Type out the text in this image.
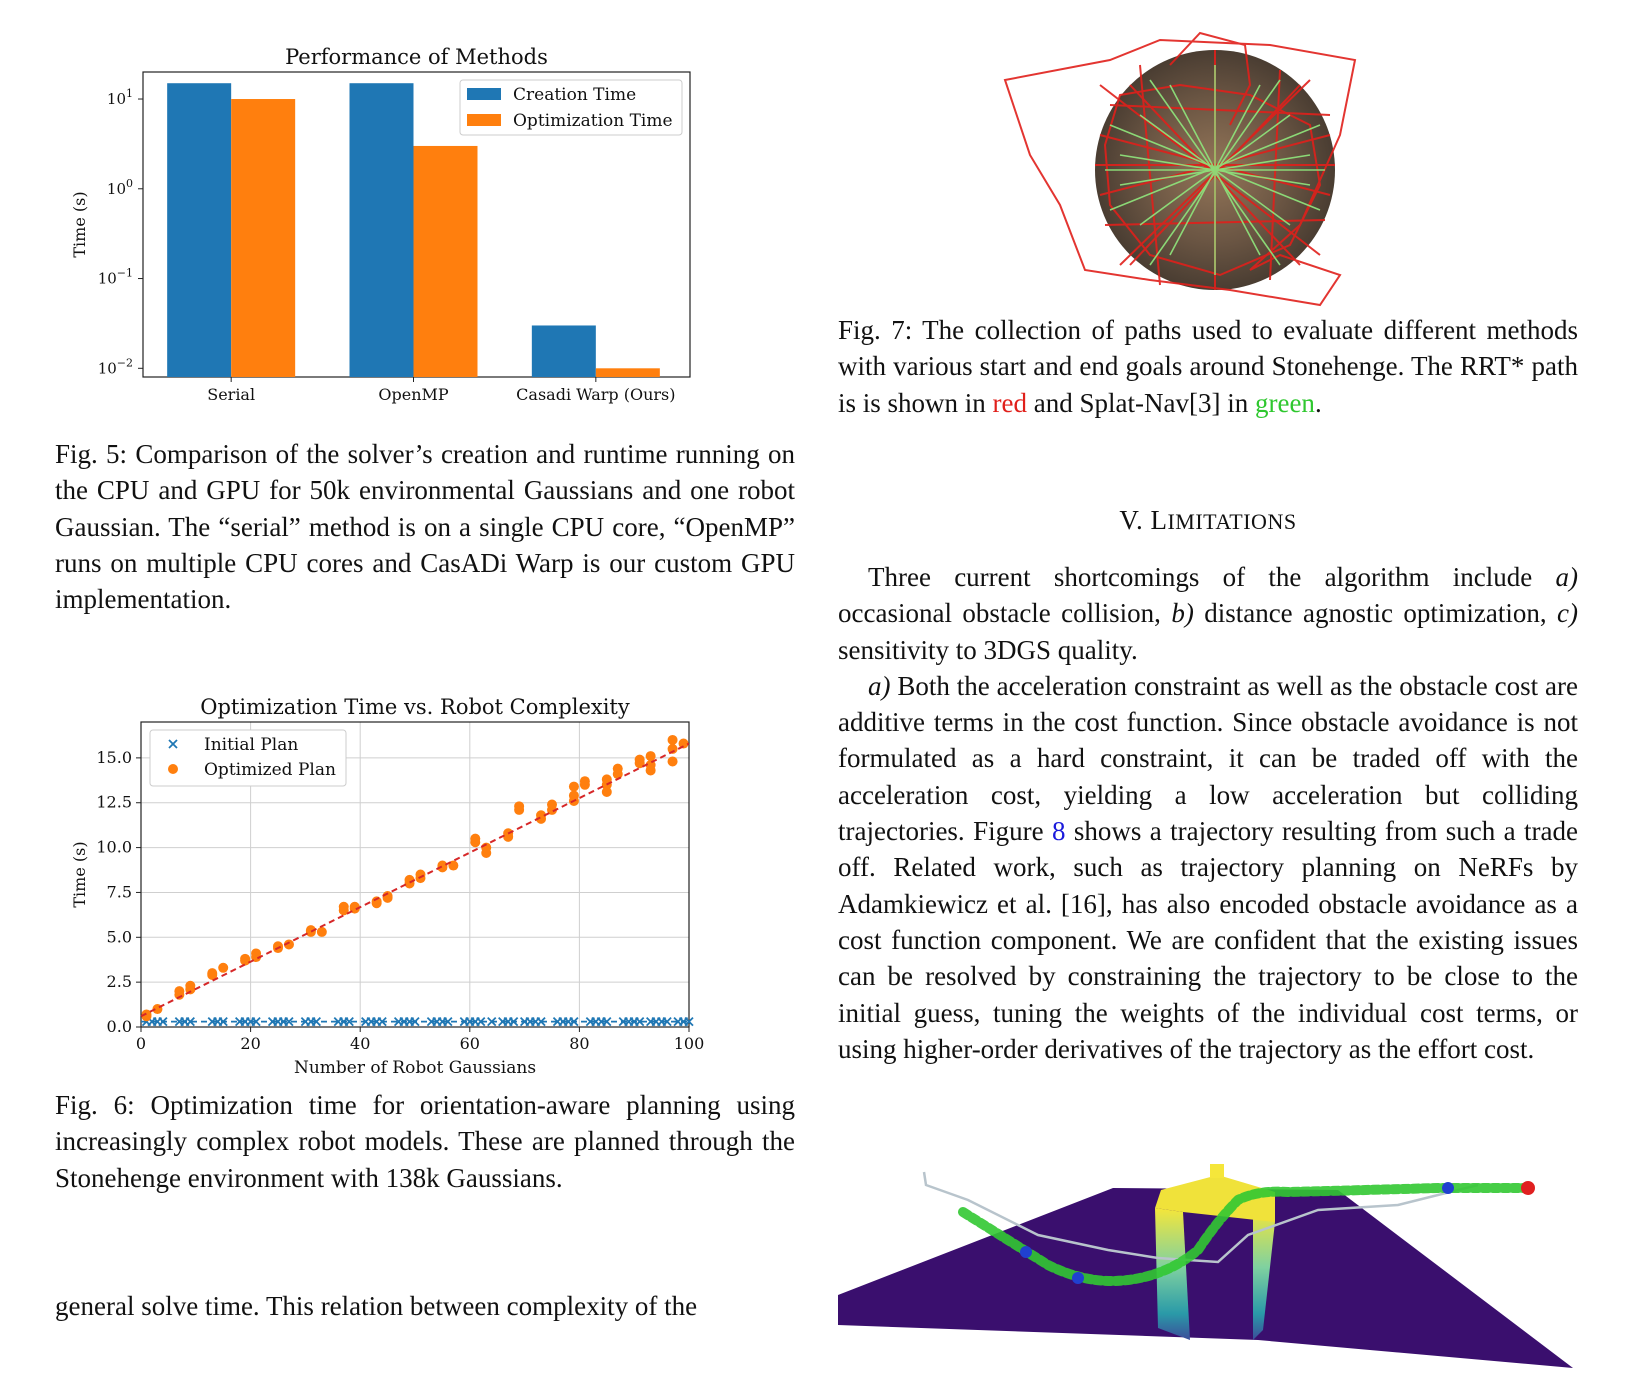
Performance of Methods
Serial	OpenMP	Casadi Warp (Ours)
$10^1$
$10^0$
$10^{-1}$
$10^{-2}$
Time (s)
Creation Time
Optimization Time

Fig. 5: Comparison of the solver’s creation and runtime running on the CPU and GPU for 50k environmental Gaussians and one robot Gaussian. The “serial” method is on a single CPU core, “OpenMP” runs on multiple CPU cores and CasADi Warp is our custom GPU implementation.

Optimization Time vs. Robot Complexity
0	20	40	60	80	100
0.0
2.5
5.0
7.5
10.0
12.5
15.0
Number of Robot Gaussians
Time (s)
Initial Plan
Optimized Plan

Fig. 6: Optimization time for orientation-aware planning using increasingly complex robot models. These are planned through the Stonehenge environment with 138k Gaussians.

general solve time. This relation between complexity of the

Fig. 7: The collection of paths used to evaluate different methods with various start and end goals around Stonehenge. The RRT* path is is shown in red and Splat-Nav[3] in green.

V. LIMITATIONS

Three current shortcomings of the algorithm include a) occasional obstacle collision, b) distance agnostic optimization, c) sensitivity to 3DGS quality.

a) Both the acceleration constraint as well as the obstacle cost are additive terms in the cost function. Since obstacle avoidance is not formulated as a hard constraint, it can be traded off with the acceleration cost, yielding a low acceleration but colliding trajectories. Figure 8 shows a trajectory resulting from such a trade off. Related work, such as trajectory planning on NeRFs by Adamkiewicz et al. [16], has also encoded obstacle avoidance as a cost function component. We are confident that the existing issues can be resolved by constraining the trajectory to be close to the initial guess, tuning the weights of the individual cost terms, or using higher-order derivatives of the trajectory as the effort cost.
